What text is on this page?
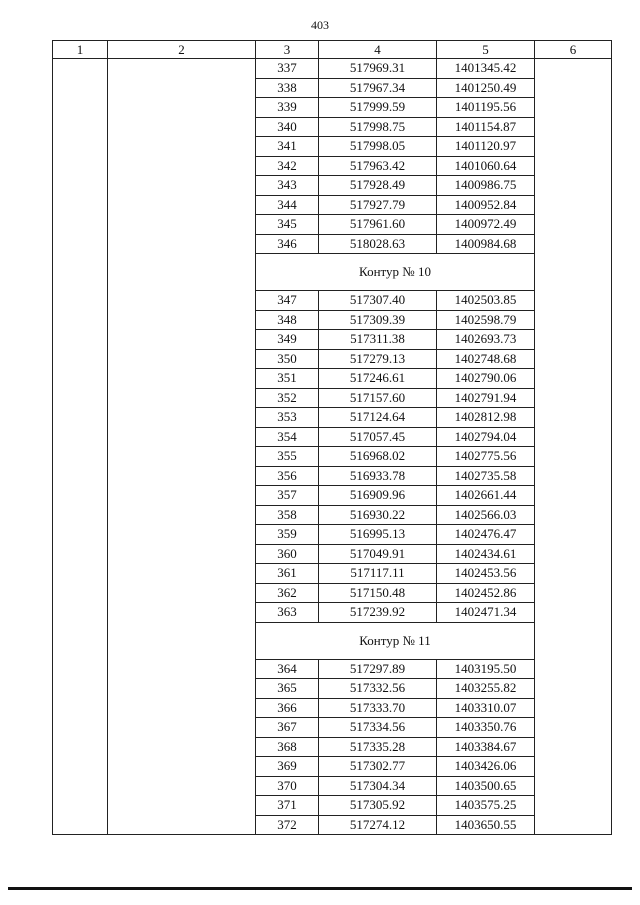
403
1	2	3	4	5	6
		337	517969.31	1401345.42	
		338	517967.34	1401250.49	
		339	517999.59	1401195.56	
		340	517998.75	1401154.87	
		341	517998.05	1401120.97	
		342	517963.42	1401060.64	
		343	517928.49	1400986.75	
		344	517927.79	1400952.84	
		345	517961.60	1400972.49	
		346	518028.63	1400984.68	
		Контур № 10			
		347	517307.40	1402503.85	
		348	517309.39	1402598.79	
		349	517311.38	1402693.73	
		350	517279.13	1402748.68	
		351	517246.61	1402790.06	
		352	517157.60	1402791.94	
		353	517124.64	1402812.98	
		354	517057.45	1402794.04	
		355	516968.02	1402775.56	
		356	516933.78	1402735.58	
		357	516909.96	1402661.44	
		358	516930.22	1402566.03	
		359	516995.13	1402476.47	
		360	517049.91	1402434.61	
		361	517117.11	1402453.56	
		362	517150.48	1402452.86	
		363	517239.92	1402471.34	
		Контур № 11			
		364	517297.89	1403195.50	
		365	517332.56	1403255.82	
		366	517333.70	1403310.07	
		367	517334.56	1403350.76	
		368	517335.28	1403384.67	
		369	517302.77	1403426.06	
		370	517304.34	1403500.65	
		371	517305.92	1403575.25	
		372	517274.12	1403650.55	
